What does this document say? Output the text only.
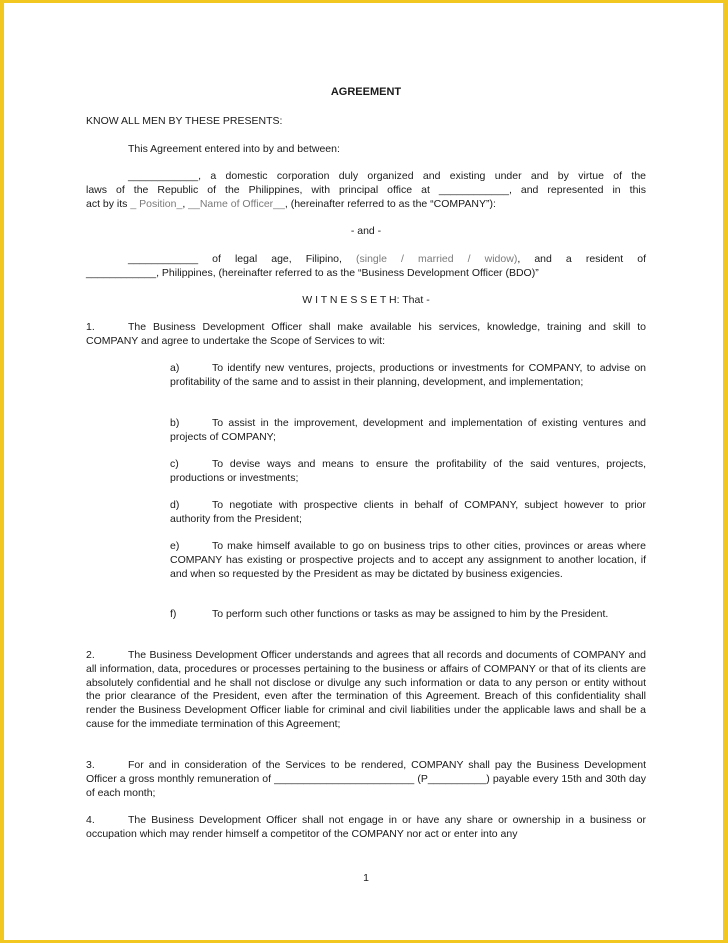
AGREEMENT
KNOW ALL MEN BY THESE PRESENTS:
This Agreement entered into by and between:
____________, a domestic corporation duly organized and existing under and by virtue of the
laws of the Republic of the Philippines, with principal office at ____________, and represented in this
act by its _ Position_, __Name of Officer__, (hereinafter referred to as the “COMPANY”):
- and -
____________ of legal age, Filipino, (single / married / widow), and a resident of
____________, Philippines, (hereinafter referred to as the “Business Development Officer (BDO)”
W I T N E S S E T H: That -
1.	The Business Development Officer shall make available his services, knowledge, training and skill to COMPANY and agree to undertake the Scope of Services to wit:
a)	To identify new ventures, projects, productions or investments for COMPANY, to advise on profitability of the same and to assist in their planning, development, and implementation;
b)	To assist in the improvement, development and implementation of existing ventures and projects of COMPANY;
c)	To devise ways and means to ensure the profitability of the said ventures, projects, productions or investments;
d)	To negotiate with prospective clients in behalf of COMPANY, subject however to prior authority from the President;
e)	To make himself available to go on business trips to other cities, provinces or areas where COMPANY has existing or prospective projects and to accept any assignment to another location, if and when so requested by the President as may be dictated by business exigencies.
f)	To perform such other functions or tasks as may be assigned to him by the President.
2.	The Business Development Officer understands and agrees that all records and documents of COMPANY and all information, data, procedures or processes pertaining to the business or affairs of COMPANY or that of its clients are absolutely confidential and he shall not disclose or divulge any such information or data to any person or entity without the prior clearance of the President, even after the termination of this Agreement. Breach of this confidentiality shall render the Business Development Officer liable for criminal and civil liabilities under the applicable laws and shall be a cause for the immediate termination of this Agreement;
3.	For and in consideration of the Services to be rendered, COMPANY shall pay the Business Development Officer a gross monthly remuneration of ________________________ (P__________) payable every 15th and 30th day of each month;
4.	The Business Development Officer shall not engage in or have any share or ownership in a business or occupation which may render himself a competitor of the COMPANY nor act or enter into any
1
